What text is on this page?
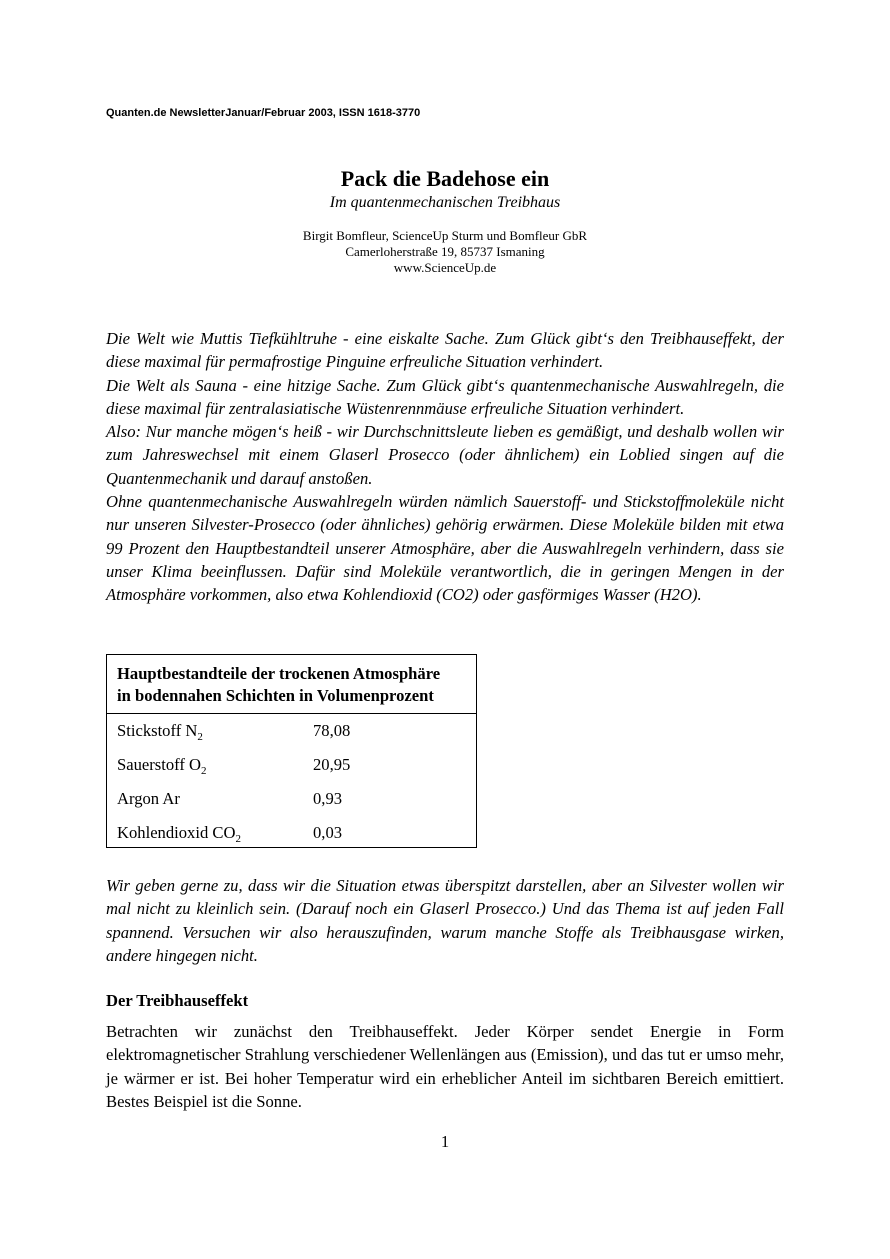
Quanten.de NewsletterJanuar/Februar 2003, ISSN 1618-3770
Pack die Badehose ein
Im quantenmechanischen Treibhaus
Birgit Bomfleur, ScienceUp Sturm und Bomfleur GbR
Camerloherstraße 19, 85737 Ismaning
www.ScienceUp.de

Die Welt wie Muttis Tiefkühltruhe - eine eiskalte Sache. Zum Glück gibt‘s den Treibhauseffekt, der diese maximal für permafrostige Pinguine erfreuliche Situation verhindert.

Die Welt als Sauna - eine hitzige Sache. Zum Glück gibt‘s quantenmechanische Auswahlregeln, die diese maximal für zentralasiatische Wüstenrennmäuse erfreuliche Situation verhindert.

Also: Nur manche mögen‘s heiß - wir Durchschnittsleute lieben es gemäßigt, und deshalb wollen wir zum Jahreswechsel mit einem Glaserl Prosecco (oder ähnlichem) ein Loblied singen auf die Quantenmechanik und darauf anstoßen.

Ohne quantenmechanische Auswahlregeln würden nämlich Sauerstoff- und Stickstoffmoleküle nicht nur unseren Silvester-Prosecco (oder ähnliches) gehörig erwärmen. Diese Moleküle bilden mit etwa 99 Prozent den Hauptbestandteil unserer Atmosphäre, aber die Auswahlregeln verhindern, dass sie unser Klima beeinflussen. Dafür sind Moleküle verantwortlich, die in geringen Mengen in der Atmosphäre vorkommen, also etwa Kohlendioxid (CO2) oder gasförmiges Wasser (H2O).

Hauptbestandteile der trockenen Atmosphäre
in bodennahen Schichten in Volumenprozent
Stickstoff $N_2$	78,08
Sauerstoff $O_2$	20,95
Argon Ar	0,93
Kohlendioxid $CO_2$	0,03

Wir geben gerne zu, dass wir die Situation etwas überspitzt darstellen, aber an Silvester wollen wir mal nicht zu kleinlich sein. (Darauf noch ein Glaserl Prosecco.) Und das Thema ist auf jeden Fall spannend. Versuchen wir also herauszufinden, warum manche Stoffe als Treibhausgase wirken, andere hingegen nicht.

Der Treibhauseffekt

Betrachten wir zunächst den Treibhauseffekt. Jeder Körper sendet Energie in Form elektromagnetischer Strahlung verschiedener Wellenlängen aus (Emission), und das tut er umso mehr, je wärmer er ist. Bei hoher Temperatur wird ein erheblicher Anteil im sichtbaren Bereich emittiert. Bestes Beispiel ist die Sonne.

1
